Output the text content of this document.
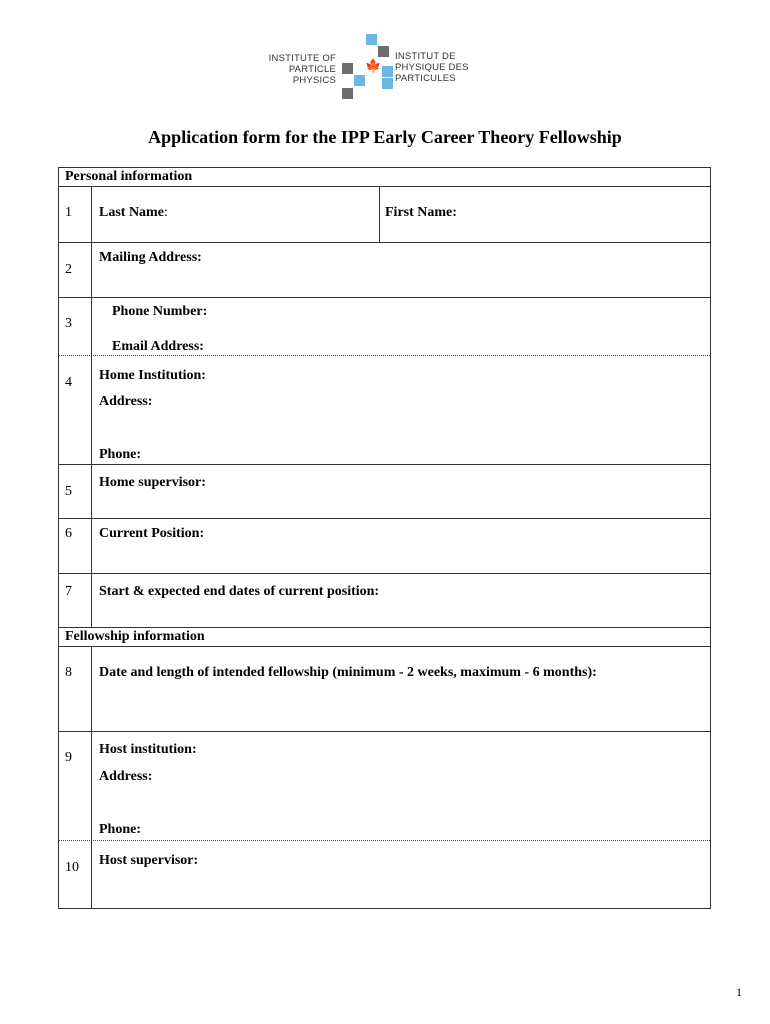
INSTITUTE OF
PARTICLE
PHYSICS
🍁
INSTITUT DE
PHYSIQUE DES
PARTICULES
Application form for the IPP Early Career Theory Fellowship
Personal information
1 Last Name:	First Name:
2
Mailing Address:
3
Phone Number:
Email Address:
4 Home Institution:
Address:
Phone:
5
Home supervisor:
6 Current Position:
7 Start & expected end dates of current position:
Fellowship information
8 Date and length of intended fellowship (minimum - 2 weeks, maximum - 6 months):
9
Host institution:
Address:
Phone:
10 Host supervisor:
1
